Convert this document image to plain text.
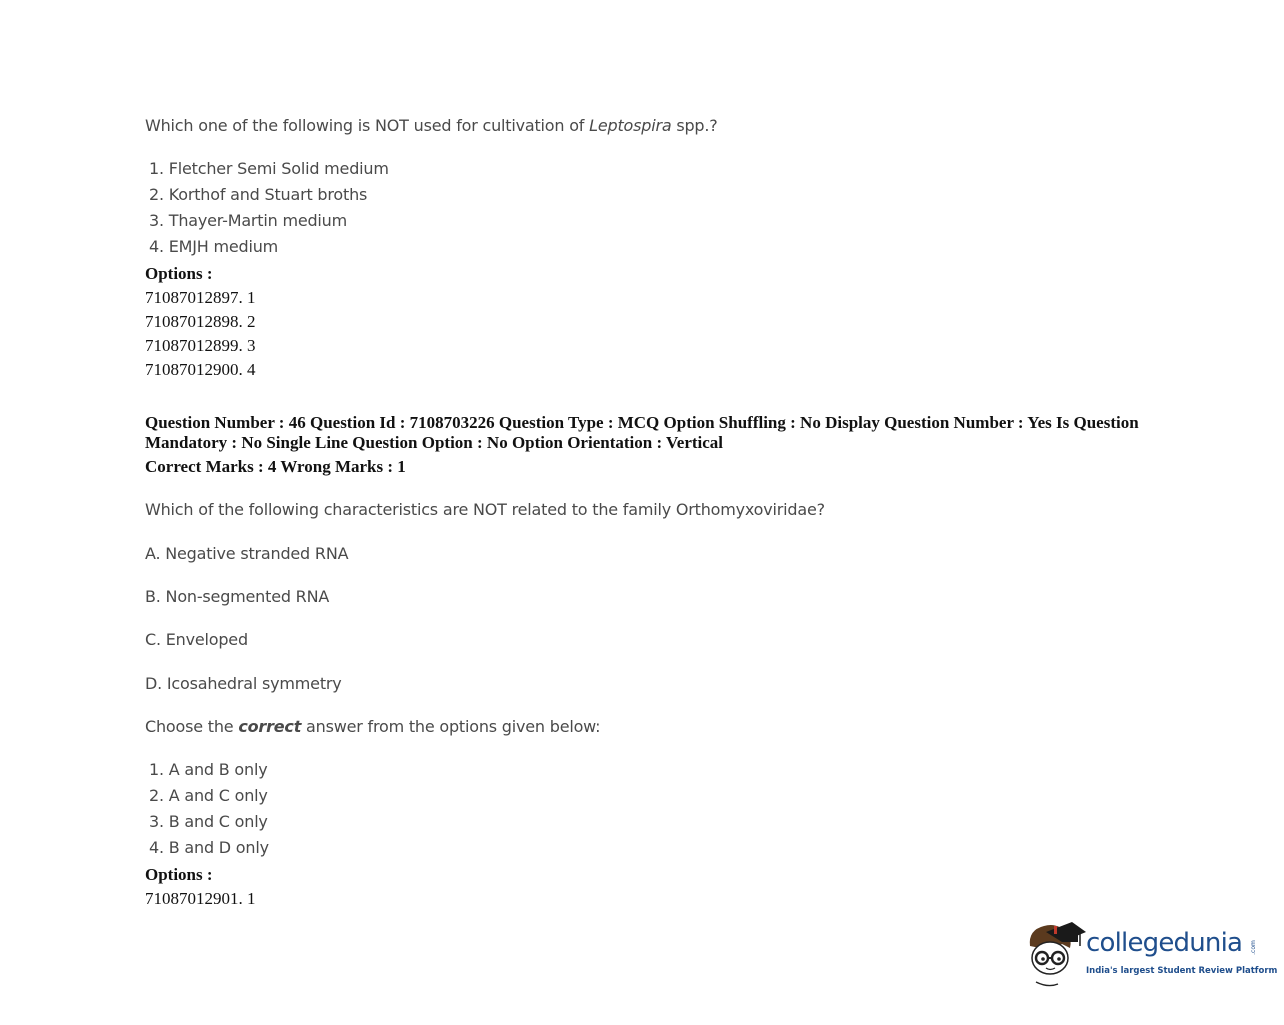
Which one of the following is NOT used for cultivation of Leptospira spp.?
1. Fletcher Semi Solid medium
2. Korthof and Stuart broths
3. Thayer-Martin medium
4. EMJH medium
Options :
71087012897. 1
71087012898. 2
71087012899. 3
71087012900. 4
Question Number : 46 Question Id : 7108703226 Question Type : MCQ Option Shuffling : No Display Question Number : Yes Is Question Mandatory : No Single Line Question Option : No Option Orientation : Vertical
Correct Marks : 4 Wrong Marks : 1
Which of the following characteristics are NOT related to the family Orthomyxoviridae?
A. Negative stranded RNA
B. Non-segmented RNA
C. Enveloped
D. Icosahedral symmetry
Choose the correct answer from the options given below:
1. A and B only
2. A and C only
3. B and C only
4. B and D only
Options :
71087012901. 1
collegedunia .com
India's largest Student Review Platform
